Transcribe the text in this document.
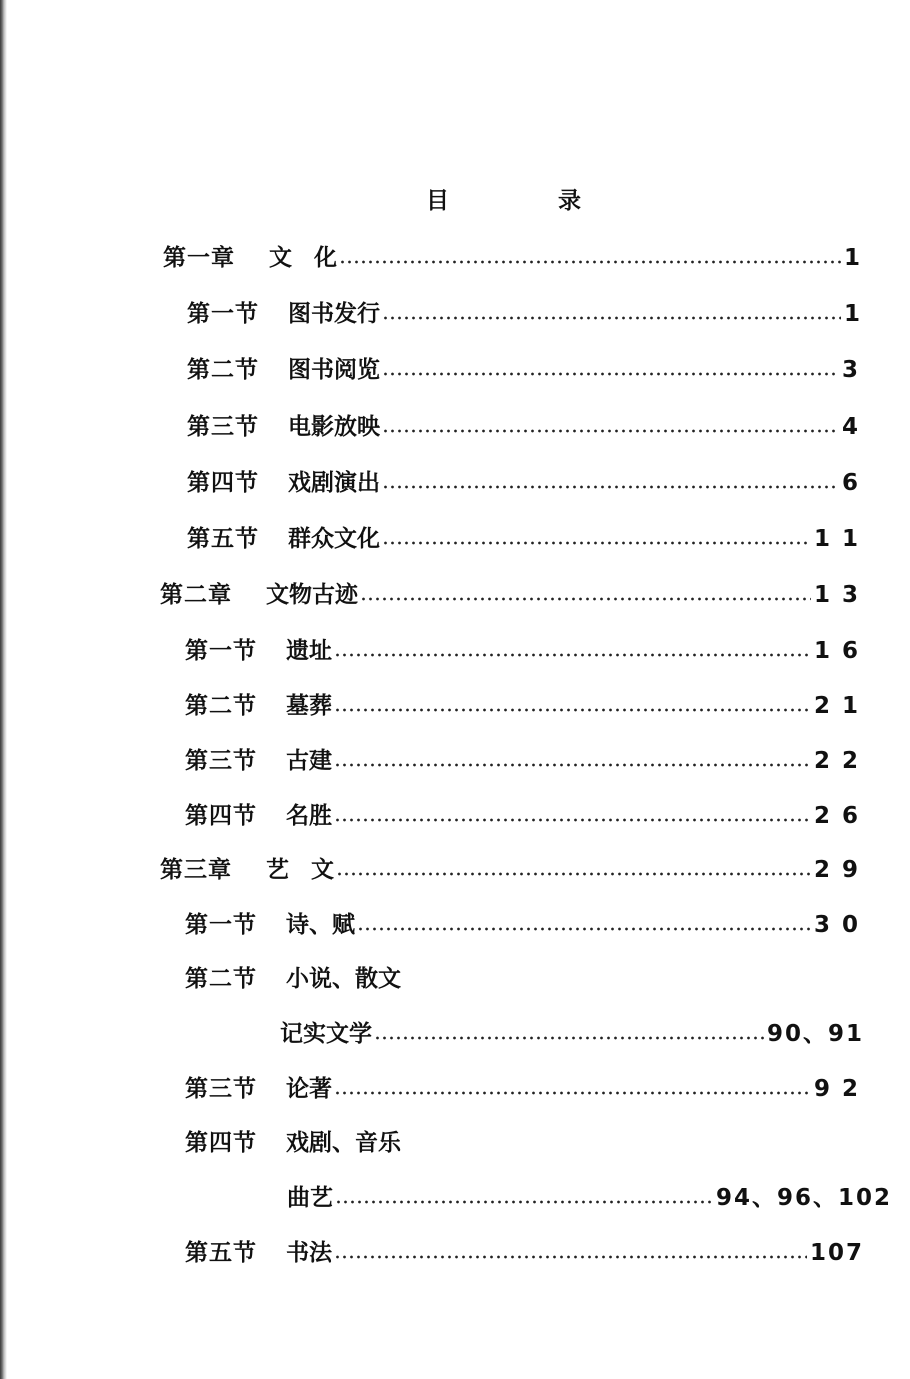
目	录
第一章	文 化	1
第一节	图书发行	1
第二节	图书阅览	3
第三节	电影放映	4
第四节	戏剧演出	6
第五节	群众文化	1 1
第二章	文物古迹	1 3
第一节	遗址	1 6
第二节	墓葬	2 1
第三节	古建	2 2
第四节	名胜	2 6
第三章	艺 文	2 9
第一节	诗、赋	3 0
第二节	小说、散文
记实文学	90、91
第三节	论著	9 2
第四节	戏剧、音乐
曲艺	94、96、102
第五节	书法	107
